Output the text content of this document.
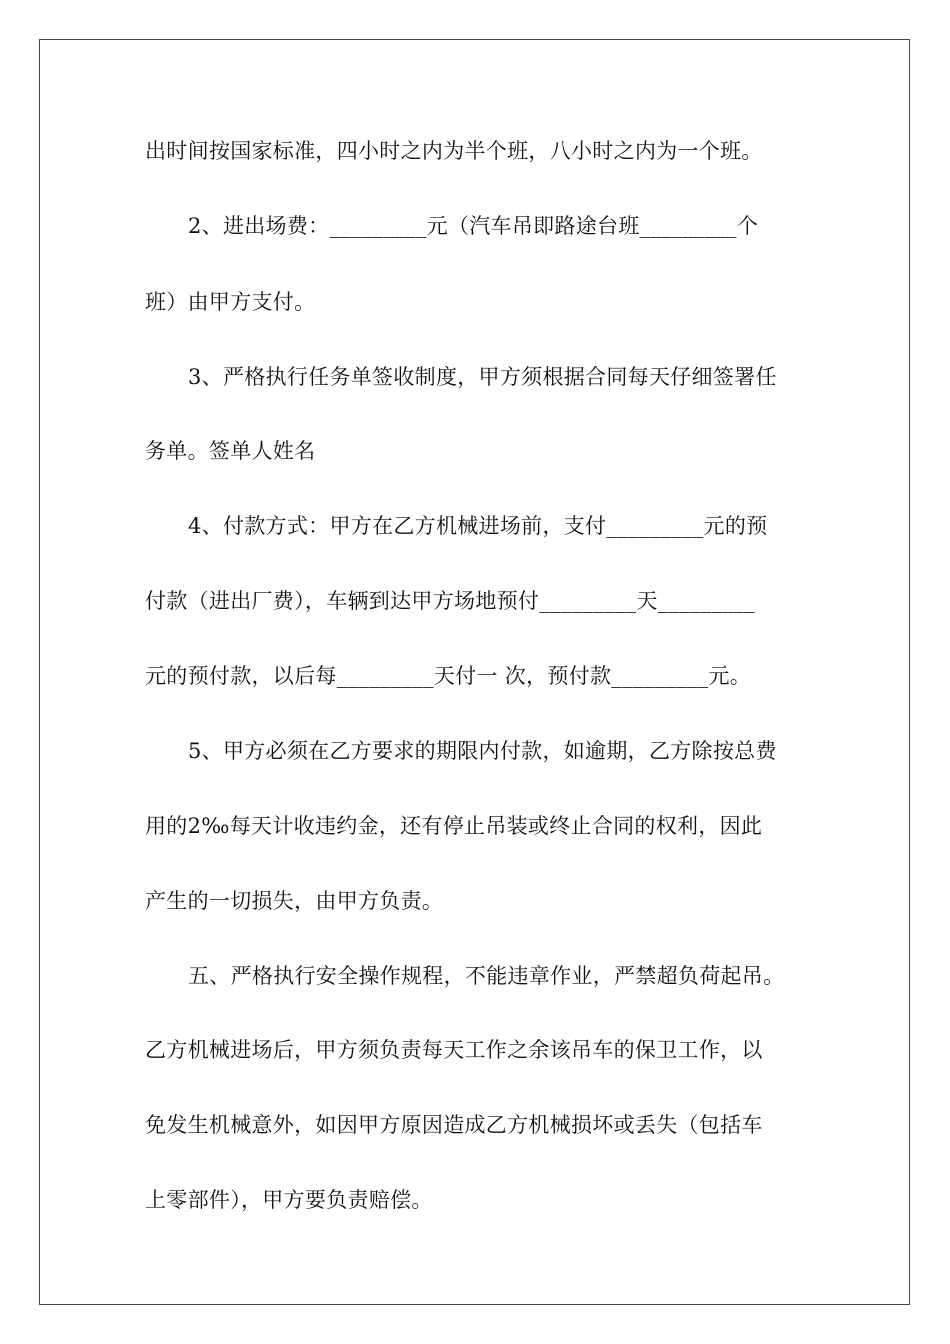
出时间按国家标准，四小时之内为半个班，八小时之内为一个班。
2、进出场费：_________元（汽车吊即路途台班_________个
班）由甲方支付。
3、严格执行任务单签收制度，甲方须根据合同每天仔细签署任
务单。签单人姓名
4、付款方式：甲方在乙方机械进场前，支付_________元的预
付款（进出厂费），车辆到达甲方场地预付_________天_________
元的预付款，以后每_________天付一 次，预付款_________元。
5、甲方必须在乙方要求的期限内付款，如逾期，乙方除按总费
用的2‰每天计收违约金，还有停止吊装或终止合同的权利，因此
产生的一切损失，由甲方负责。
五、严格执行安全操作规程，不能违章作业，严禁超负荷起吊。
乙方机械进场后，甲方须负责每天工作之余该吊车的保卫工作，以
免发生机械意外，如因甲方原因造成乙方机械损坏或丢失（包括车
上零部件），甲方要负责赔偿。
